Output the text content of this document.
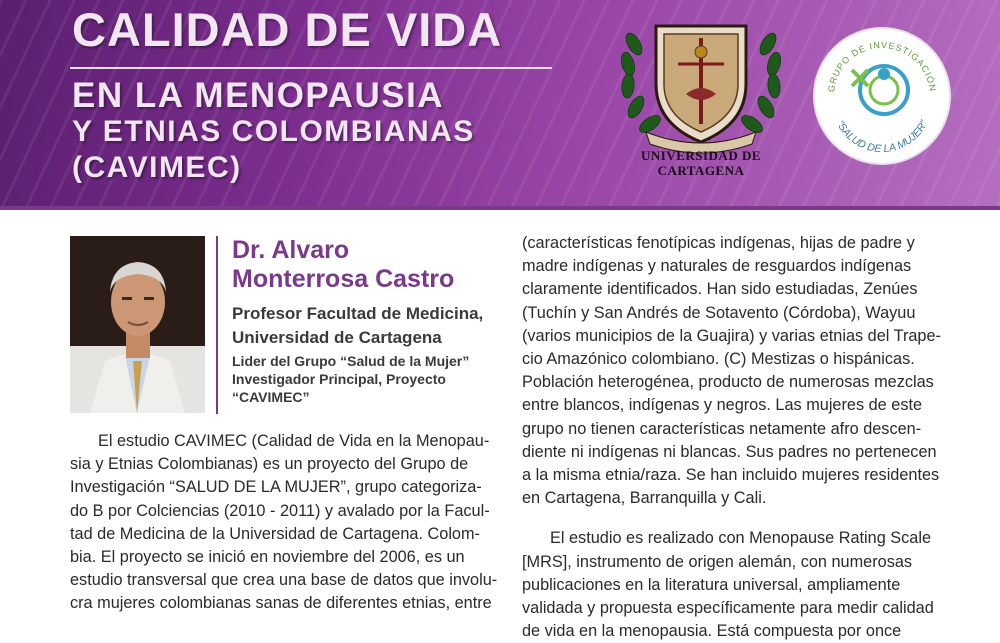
CALIDAD DE VIDA
EN LA MENOPAUSIA
Y ETNIAS COLOMBIANAS
(CAVIMEC)	UNIVERSIDAD DE
CARTAGENA
GRUPO DE INVESTIGACIÓN
"SALUD DE LA MUJER"
Dr. Alvaro
Monterrosa Castro
Profesor Facultad de Medicina,
Universidad de Cartagena
Lider del Grupo “Salud de la Mujer”
Investigador Principal, Proyecto
“CAVIMEC”
El estudio CAVIMEC (Calidad de Vida en la Menopau-
sia y Etnias Colombianas) es un proyecto del Grupo de
Investigación “SALUD DE LA MUJER”, grupo categoriza-
do B por Colciencias (2010 - 2011) y avalado por la Facul-
tad de Medicina de la Universidad de Cartagena. Colom-
bia. El proyecto se inició en noviembre del 2006, es un
estudio transversal que crea una base de datos que involu-
cra mujeres colombianas sanas de diferentes etnias, entre
(características fenotípicas indígenas, hijas de padre y
madre indígenas y naturales de resguardos indígenas
claramente identificados. Han sido estudiadas, Zenúes
(Tuchín y San Andrés de Sotavento (Córdoba), Wayuu
(varios municipios de la Guajira) y varias etnias del Trape-
cio Amazónico colombiano. (C) Mestizas o hispánicas.
Población heterogénea, producto de numerosas mezclas
entre blancos, indígenas y negros. Las mujeres de este
grupo no tienen características netamente afro descen-
diente ni indígenas ni blancas. Sus padres no pertenecen
a la misma etnia/raza. Se han incluido mujeres residentes
en Cartagena, Barranquilla y Cali.
El estudio es realizado con Menopause Rating Scale
[MRS], instrumento de origen alemán, con numerosas
publicaciones en la literatura universal, ampliamente
validada y propuesta específicamente para medir calidad
de vida en la menopausia. Está compuesta por once
